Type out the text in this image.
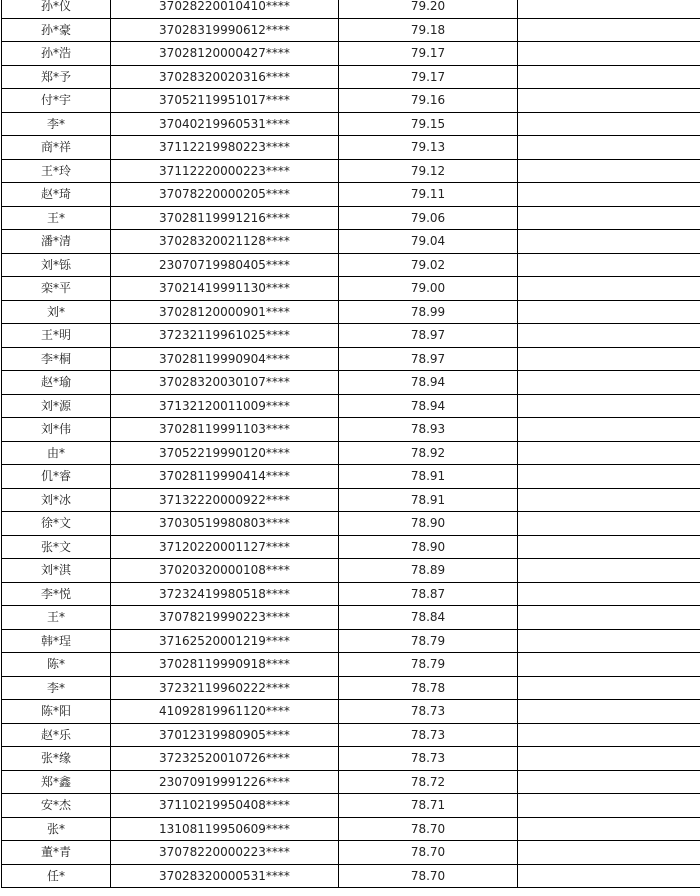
孙*仪	37028220010410****	79.20	
孙*豪	37028319990612****	79.18	
孙*浩	37028120000427****	79.17	
郑*予	37028320020316****	79.17	
付*宇	37052119951017****	79.16	
李*	37040219960531****	79.15	
商*祥	37112219980223****	79.13	
王*玲	37112220000223****	79.12	
赵*琦	37078220000205****	79.11	
王*	37028119991216****	79.06	
潘*清	37028320021128****	79.04	
刘*铄	23070719980405****	79.02	
栾*平	37021419991130****	79.00	
刘*	37028120000901****	78.99	
王*明	37232119961025****	78.97	
李*桐	37028119990904****	78.97	
赵*瑜	37028320030107****	78.94	
刘*源	37132120011009****	78.94	
刘*伟	37028119991103****	78.93	
由*	37052219990120****	78.92	
仉*睿	37028119990414****	78.91	
刘*冰	37132220000922****	78.91	
徐*文	37030519980803****	78.90	
张*文	37120220001127****	78.90	
刘*淇	37020320000108****	78.89	
李*悦	37232419980518****	78.87	
王*	37078219990223****	78.84	
韩*珵	37162520001219****	78.79	
陈*	37028119990918****	78.79	
李*	37232119960222****	78.78	
陈*阳	41092819961120****	78.73	
赵*乐	37012319980905****	78.73	
张*缘	37232520010726****	78.73	
郑*鑫	23070919991226****	78.72	
安*杰	37110219950408****	78.71	
张*	13108119950609****	78.70	
董*青	37078220000223****	78.70	
任*	37028320000531****	78.70	
